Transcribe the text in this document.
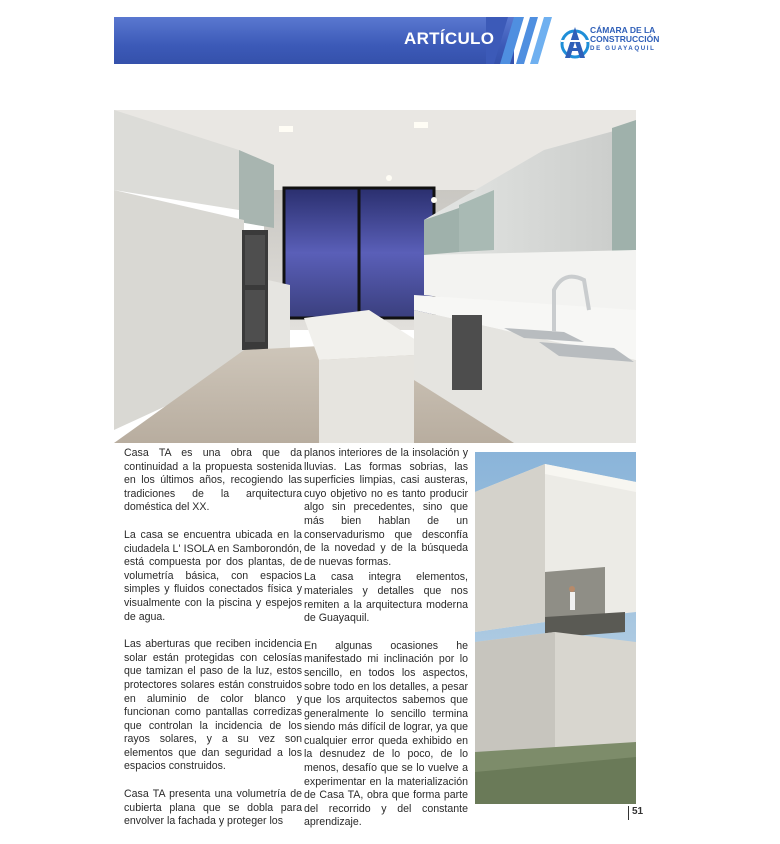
ARTÍCULO	CÁMARA DE LA
CONSTRUCCIÓN
DE GUAYAQUIL

Casa TA es una obra que da continuidad a la propuesta sostenida en los últimos años, recogiendo las tradiciones de la arquitectura doméstica del XX.

La casa se encuentra ubicada en la ciudadela L' ISOLA en Samborondón, está compuesta por dos plantas, de volumetría básica, con espacios simples y fluidos conectados física y visualmente con la piscina y espejos de agua.

Las aberturas que reciben incidencia solar están protegidas con celosías que tamizan el paso de la luz, estos protectores solares están construidos en aluminio de color blanco y funcionan como pantallas corredizas que controlan la incidencia de los rayos solares, y a su vez son elementos que dan seguridad a los espacios construidos.

Casa TA presenta una volumetría de cubierta plana que se dobla para envolver la fachada y proteger los

planos interiores de la insolación y lluvias. Las formas sobrias, las superficies limpias, casi austeras, cuyo objetivo no es tanto producir algo sin precedentes, sino que más bien hablan de un conservadurismo que desconfía de la novedad y de la búsqueda de nuevas formas.

La casa integra elementos, materiales y detalles que nos remiten a la arquitectura moderna de Guayaquil.

En algunas ocasiones he manifestado mi inclinación por lo sencillo, en todos los aspectos, sobre todo en los detalles, a pesar que los arquitectos sabemos que generalmente lo sencillo termina siendo más difícil de lograr, ya que cualquier error queda exhibido en la desnudez de lo poco, de lo menos, desafío que se lo vuelve a experimentar en la materialización de Casa TA, obra que forma parte del recorrido y del constante aprendizaje.

51
